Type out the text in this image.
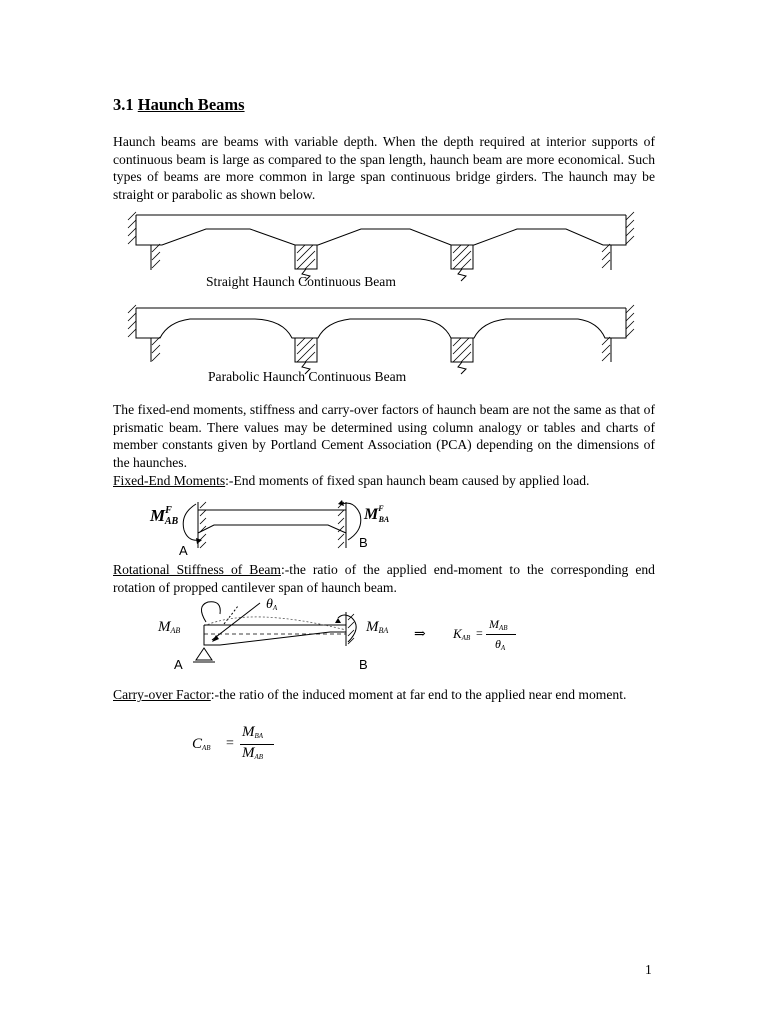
3.1 Haunch Beams

Haunch beams are beams with variable depth. When the depth required at interior supports of continuous beam is large as compared to the span length, haunch beam are more economical. Such types of beams are more common in large span continuous bridge girders. The haunch may be straight or parabolic as shown below.

Straight Haunch Continuous Beam
Parabolic Haunch Continuous Beam

The fixed-end moments, stiffness and carry-over factors of haunch beam are not the same as that of prismatic beam. There values may be determined using column analogy or tables and charts of member constants given by Portland Cement Association (PCA) depending on the dimensions of the haunches.

Fixed-End Moments:-End moments of fixed span haunch beam caused by applied load.

$M^FAB$	$M^FBA$
A
B

Rotational Stiffness of Beam:-the ratio of the applied end-moment to the corresponding end rotation of propped cantilever span of haunch beam.

MAB	MBA
θA
A	B
⇒ KAB =
MAB
θA

Carry-over Factor:-the ratio of the induced moment at far end to the applied near end moment.

CAB =
MBA
MAB
1
